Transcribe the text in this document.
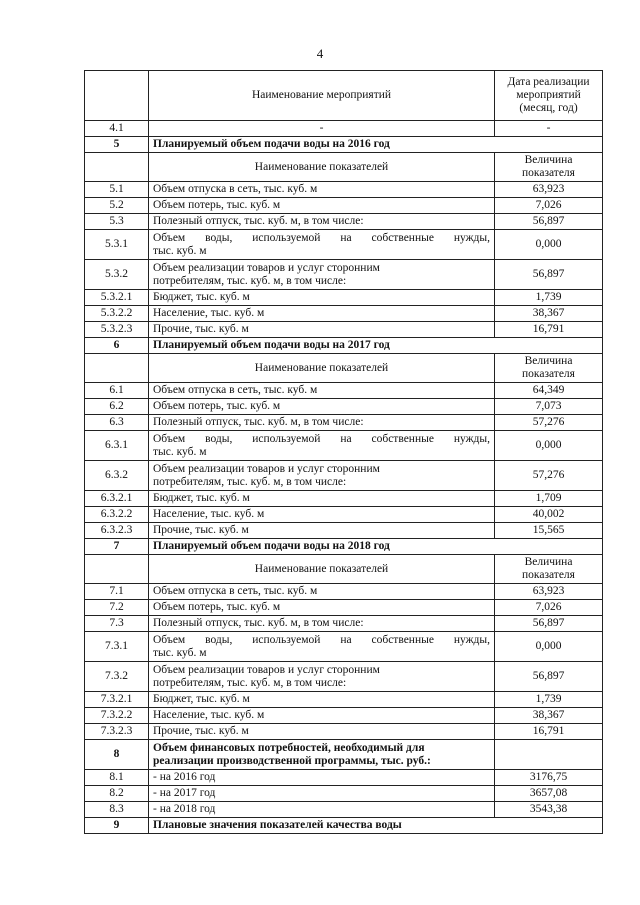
4
	Наименование мероприятий	Дата реализации мероприятий (месяц, год)
4.1	-	-
5	Планируемый объем подачи воды на 2016 год	
	Наименование показателей	Величина показателя
5.1	Объем отпуска в сеть, тыс. куб. м	63,923
5.2	Объем потерь, тыс. куб. м	7,026
5.3	Полезный отпуск, тыс. куб. м, в том числе:	56,897
5.3.1	Объем воды, используемой на собственные нужды,
тыс. куб. м	0,000
5.3.2	Объем реализации товаров и услуг сторонним
потребителям, тыс. куб. м, в том числе:	56,897
5.3.2.1	Бюджет, тыс. куб. м	1,739
5.3.2.2	Население, тыс. куб. м	38,367
5.3.2.3	Прочие, тыс. куб. м	16,791
6	Планируемый объем подачи воды на 2017 год	
	Наименование показателей	Величина показателя
6.1	Объем отпуска в сеть, тыс. куб. м	64,349
6.2	Объем потерь, тыс. куб. м	7,073
6.3	Полезный отпуск, тыс. куб. м, в том числе:	57,276
6.3.1	Объем воды, используемой на собственные нужды,
тыс. куб. м	0,000
6.3.2	Объем реализации товаров и услуг сторонним
потребителям, тыс. куб. м, в том числе:	57,276
6.3.2.1	Бюджет, тыс. куб. м	1,709
6.3.2.2	Население, тыс. куб. м	40,002
6.3.2.3	Прочие, тыс. куб. м	15,565
7	Планируемый объем подачи воды на 2018 год	
	Наименование показателей	Величина показателя
7.1	Объем отпуска в сеть, тыс. куб. м	63,923
7.2	Объем потерь, тыс. куб. м	7,026
7.3	Полезный отпуск, тыс. куб. м, в том числе:	56,897
7.3.1	Объем воды, используемой на собственные нужды,
тыс. куб. м	0,000
7.3.2	Объем реализации товаров и услуг сторонним
потребителям, тыс. куб. м, в том числе:	56,897
7.3.2.1	Бюджет, тыс. куб. м	1,739
7.3.2.2	Население, тыс. куб. м	38,367
7.3.2.3	Прочие, тыс. куб. м	16,791
8	Объем финансовых потребностей, необходимый для
реализации производственной программы, тыс. руб.:	

8.1	- на 2016 год	3176,75
8.2	- на 2017 год	3657,08
8.3	- на 2018 год	3543,38
9	Плановые значения показателей качества воды	
